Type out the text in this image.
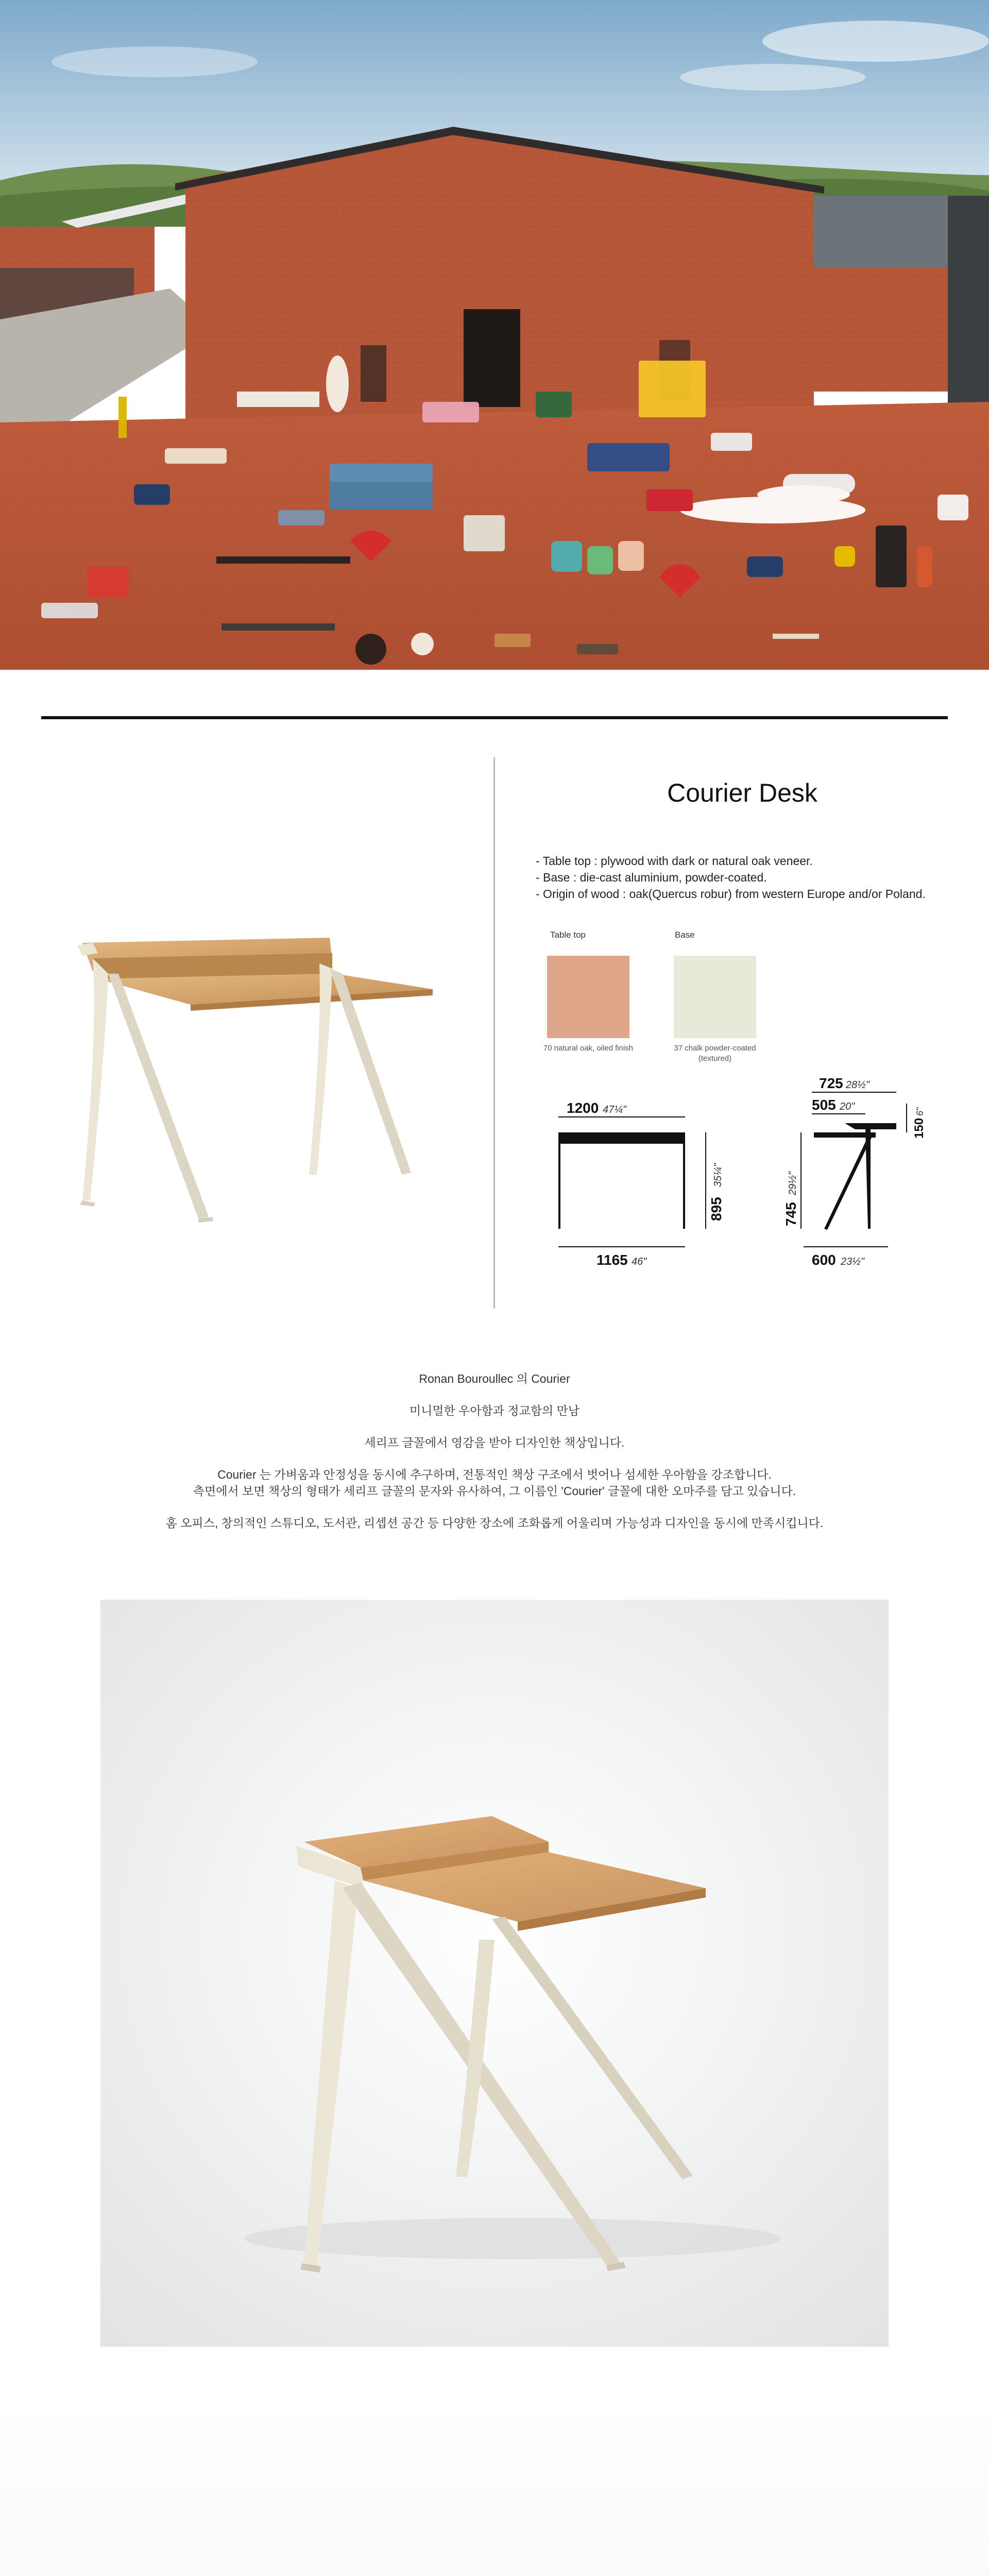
Courier Desk
- Table top : plywood with dark or natural oak veneer.
- Base : die-cast aluminium, powder-coated.
- Origin of wood : oak(Quercus robur) from western Europe and/or Poland.
Table top
70 natural oak, oiled finish
Base
37 chalk powder-coated (textured)
1200 47¼"
1165 46"
895
35¼"
725 28½"
505 20"
150
6"
745
29½"
600 23½"

Ronan Bouroullec 의 Courier

미니멀한 우아함과 정교함의 만남

세리프 글꼴에서 영감을 받아 디자인한 책상입니다.

Courier 는 가벼움과 안정성을 동시에 추구하며, 전통적인 책상 구조에서 벗어나 섬세한 우아함을 강조합니다.

측면에서 보면 책상의 형태가 세리프 글꼴의 문자와 유사하여, 그 이름인 'Courier' 글꼴에 대한 오마주를 담고 있습니다.

홈 오피스, 창의적인 스튜디오, 도서관, 리셉션 공간 등 다양한 장소에 조화롭게 어울리며 가능성과 디자인을 동시에 만족시킵니다.
